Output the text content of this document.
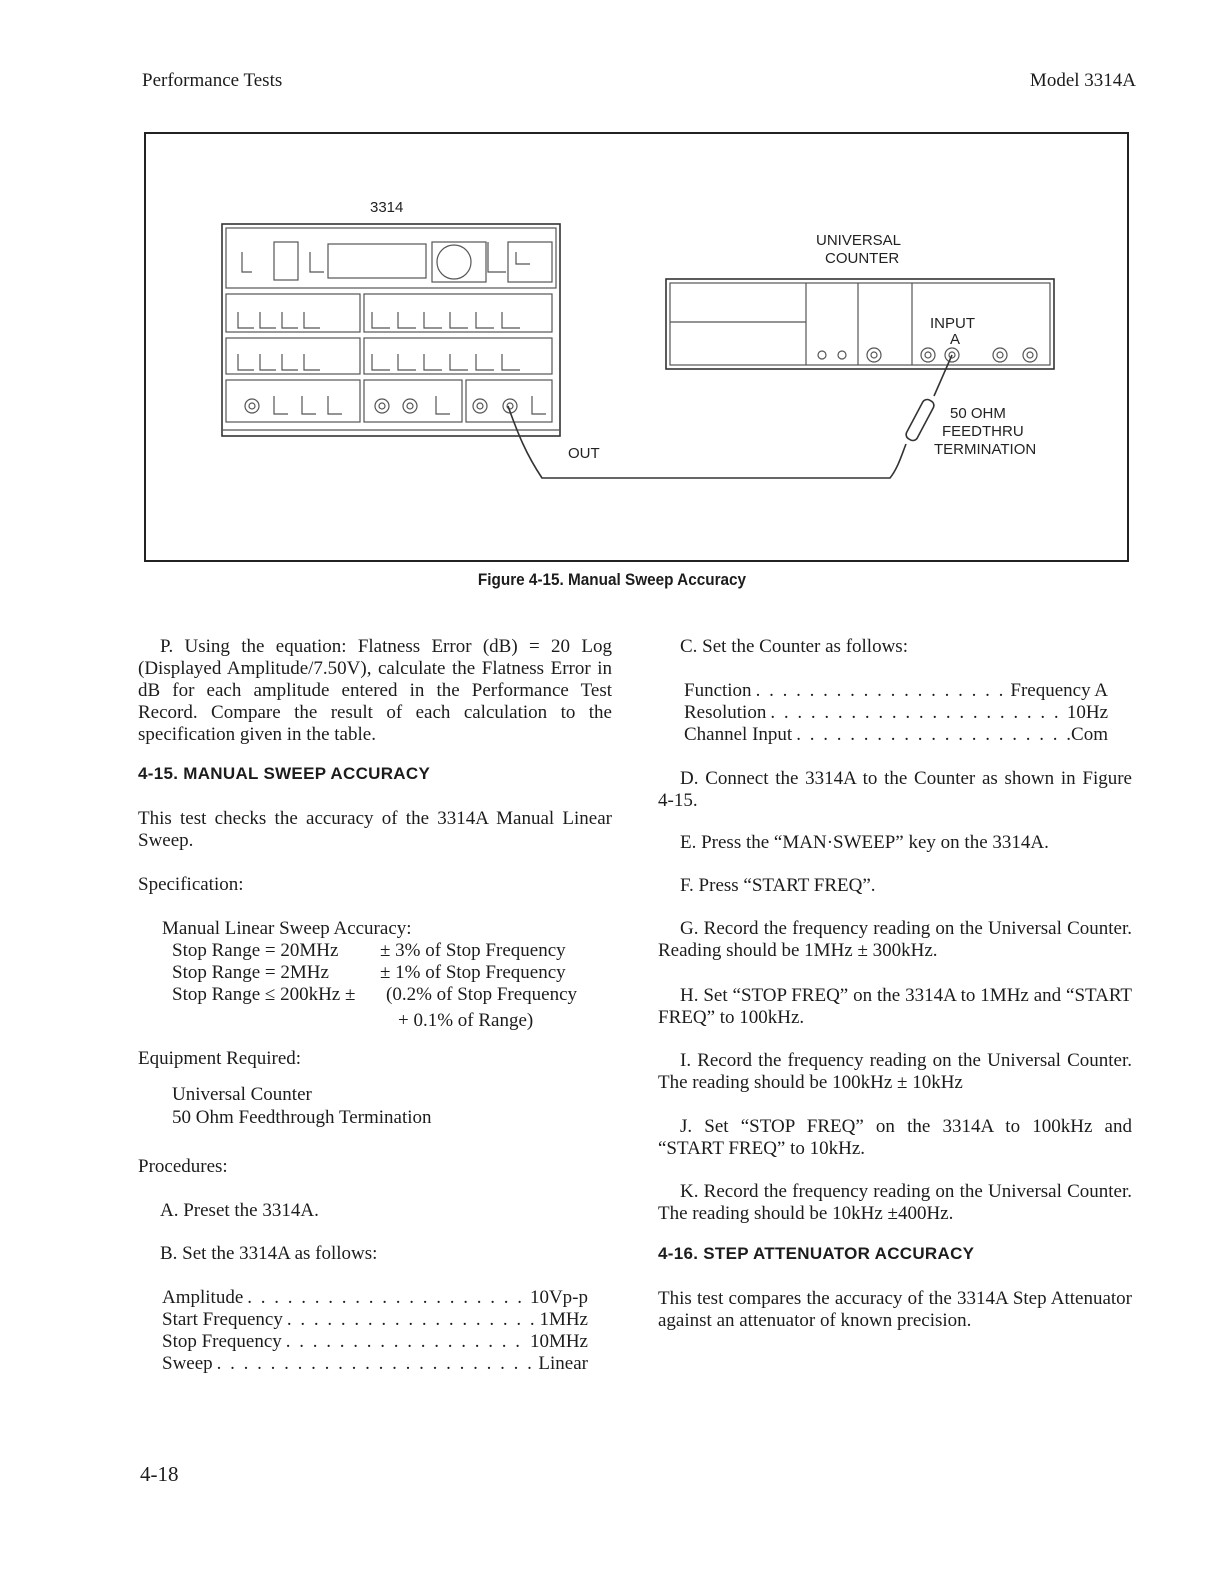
Performance Tests	Model 3314A
3314
OUT
UNIVERSAL
COUNTER
INPUT
A
50 OHM
FEEDTHRU
TERMINATION
Figure 4-15. Manual Sweep Accuracy

P. Using the equation: Flatness Error (dB) = 20 Log (Displayed Amplitude/7.50V), calculate the Flatness Error in dB for each amplitude entered in the Performance Test Record. Compare the result of each calculation to the specification given in the table.

4-15. MANUAL SWEEP ACCURACY
This test checks the accuracy of the 3314A Manual Linear Sweep.
Specification:
Manual Linear Sweep Accuracy:
Stop Range = 20MHz	± 3% of Stop Frequency
Stop Range = 2MHz	± 1% of Stop Frequency
Stop Range ≤ 200kHz ±	(0.2% of Stop Frequency
+ 0.1% of Range)
Equipment Required:
Universal Counter
50 Ohm Feedthrough Termination
Procedures:
A. Preset the 3314A.
B. Set the 3314A as follows:
Amplitude . . .	10Vp-p
Start Frequency . . .	1MHz
Stop Frequency . . .	10MHz
Sweep . . .	Linear
C. Set the Counter as follows:
Function . . .	Frequency A
Resolution . . .	10Hz
Channel Input . . .	Com
D. Connect the 3314A to the Counter as shown in Figure 4-15.
E. Press the “MAN·SWEEP” key on the 3314A.
F. Press “START FREQ”.
G. Record the frequency reading on the Universal Counter. Reading should be 1MHz ± 300kHz.
H. Set “STOP FREQ” on the 3314A to 1MHz and “START FREQ” to 100kHz.
I. Record the frequency reading on the Universal Counter. The reading should be 100kHz ± 10kHz
J. Set “STOP FREQ” on the 3314A to 100kHz and “START FREQ” to 10kHz.
K. Record the frequency reading on the Universal Counter. The reading should be 10kHz ±400Hz.
4-16. STEP ATTENUATOR ACCURACY
This test compares the accuracy of the 3314A Step Attenuator against an attenuator of known precision.
4-18
